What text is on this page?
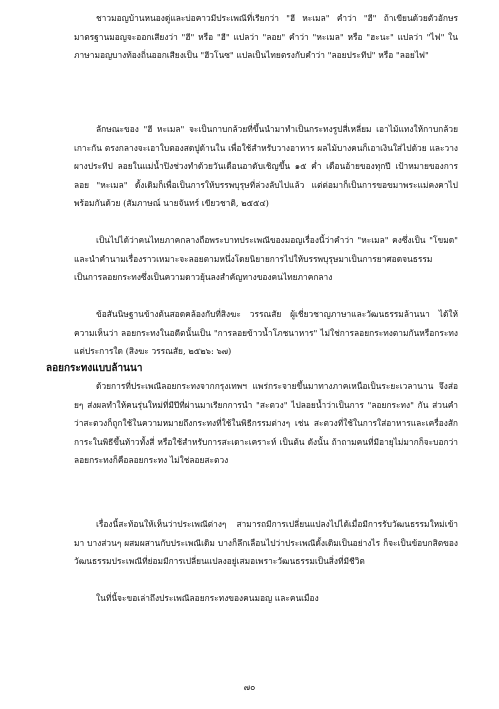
ชาวมอญบ้านหนองดู่และบ่อคาวมีประเพณีที่เรียกว่า "ฮี หะเมล" คำว่า "ฮี" ถ้าเขียนด้วยตัวอักษรมาตรฐานมอญจะออกเสียงว่า "ฮี" หรือ "ฮี" แปลว่า "ลอย" คำว่า "หะเมล" หรือ "ฮะนะ" แปลว่า "ไฟ" ในภาษามอญบางท้องถิ่นออกเสียงเป็น "ฮีวโนซ" แปลเป็นไทยตรงกับคำว่า "ลอยประทีป" หรือ "ลอยไฟ"

ลักษณะของ "ฮี หะเมล" จะเป็นกาบกล้วยที่ขึ้นนำมาทำเป็นกระทงรูปสี่เหลี่ยม เอาไม้แทงให้กาบกล้วยเกาะกัน ตรงกลางจะเอาใบตองสดปูด้านใน เพื่อใช้สำหรับวางอาหาร ผลไม้บางคนก็เอาเงินใส่ไปด้วย และวางผางประทีป ลอยในแม่น้ำปิงช่วงทำด้วยวันเดือนอาดับเชิญขึ้น ๑๕ ค่ำ เดือนอ้ายของทุกปี เป้าหมายของการลอย "หะเมล" ดั้งเดิมก็เพื่อเป็นการให้บรรพบุรุษที่ล่วงลับไปแล้ว แต่ต่อมาก็เป็นการขอขมาพระแม่คงคาไปพร้อมกันด้วย (สัมภาษณ์ นายจันทร์ เขียวชาติ, ๒๕๕๔)

เป็นไปได้ว่าคนไทยภาคกลางถือพระบาทประเพณีของมอญเรื่องนี้ว่าคำว่า "หะเมล" คงซึ่งเป็น "โขมด" และนำคำนามเรื่องราวเหมาะจะลอยตามหนึ่งโดยนิยายการไปให้บรรพบุรุษมาเป็นการยาศอดจนธรรมเป็นการลอยกระทงซึ่งเป็นความดาวยุ้นลงสำคัญทางของคนไทยภาคกลาง

ข้อสันนิษฐานข้างต้นสอดคล้องกับที่สิงฆะ วรรณสัย ผู้เชี่ยวชาญภาษาและวัฒนธรรมล้านนา ได้ให้ความเห็นว่า ลอยกระทงในอดีตนั้นเป็น "การลอยข้าวน้ำโภชนาหาร" ไม่ใช่การลอยกระทงตามกันหรือกระทงแต่ประการใด (สิงฆะ วรรณสัย, ๒๕๒๖: ๖๗)

ลอยกระทงแบบล้านนา

ด้วยการที่ประเพณีลอยกระทงจากกรุงเทพฯ แพร่กระจายขึ้นมาทางภาคเหนือเป็นระยะเวลานาน จึงส่อยๆ ส่งผลทำให้คนรุ่นใหม่ที่มีปีที่ผ่านมาเรียกการนำ "สะตวง" ไปลอยน้ำว่าเป็นการ "ลอยกระทง" กัน ส่วนคำว่าสะตวงก็ถูกใช้ในความหมายถึงกระทงที่ใช้ในพิธีกรรมต่างๆ เช่น สะตวงที่ใช้ในการใส่อาหารและเครื่องสักการะในพิธีขึ้นท้าวทั้งสี่ หรือใช้สำหรับการสะเดาะเคราะห์ เป็นต้น ดังนั้น ถ้าถามคนที่มีอายุไม่มากก็จะบอกว่าลอยกระทงก็คือลอยกระทง ไม่ใช่ลอยสะตวง

เรื่องนี้สะท้อนให้เห็นว่าประเพณีต่างๆ สามารถมีการเปลี่ยนแปลงไปได้เมื่อมีการรับวัฒนธรรมใหม่เข้ามา บางส่วนๆ ผสมผสานกับประเพณีเดิม บางก็ลึกเลือนไปว่าประเพณีดั้งเดิมเป็นอย่างไร ก็จะเป็นข้อบกสิตของวัฒนธรรมประเพณีที่ย่อมมีการเปลี่ยนแปลงอยู่เสมอเพราะวัฒนธรรมเป็นสิ่งที่มีชีวิต

ในที่นี้จะขอเล่าถึงประเพณีลอยกระทงของคนมอญ และคนเมือง

๗๐
